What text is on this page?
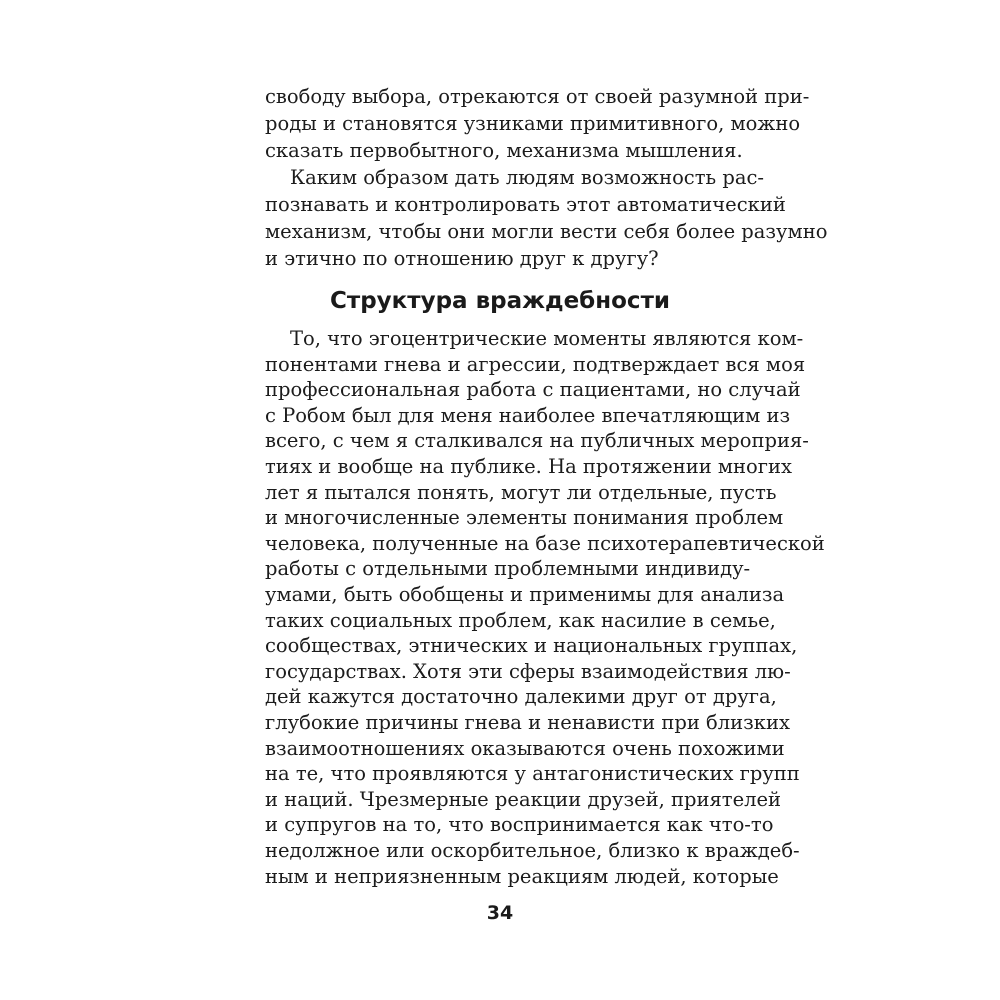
свободу выбора, отрекаются от своей разумной при-

роды и становятся узниками примитивного, можно

сказать первобытного, механизма мышления.

Каким образом дать людям возможность рас-

познавать и контролировать этот автоматический

механизм, чтобы они могли вести себя более разумно

и этично по отношению друг к другу?

Структура враждебности

То, что эгоцентрические моменты являются ком-

понентами гнева и агрессии, подтверждает вся моя

профессиональная работа с пациентами, но случай

с Робом был для меня наиболее впечатляющим из

всего, с чем я сталкивался на публичных мероприя-

тиях и вообще на публике. На протяжении многих

лет я пытался понять, могут ли отдельные, пусть

и многочисленные элементы понимания проблем

человека, полученные на базе психотерапевтической

работы с отдельными проблемными индивиду-

умами, быть обобщены и применимы для анализа

таких социальных проблем, как насилие в семье,

сообществах, этнических и национальных группах,

государствах. Хотя эти сферы взаимодействия лю-

дей кажутся достаточно далекими друг от друга,

глубокие причины гнева и ненависти при близких

взаимоотношениях оказываются очень похожими

на те, что проявляются у антагонистических групп

и наций. Чрезмерные реакции друзей, приятелей

и супругов на то, что воспринимается как что-то

недолжное или оскорбительное, близко к враждеб-

ным и неприязненным реакциям людей, которые

34
